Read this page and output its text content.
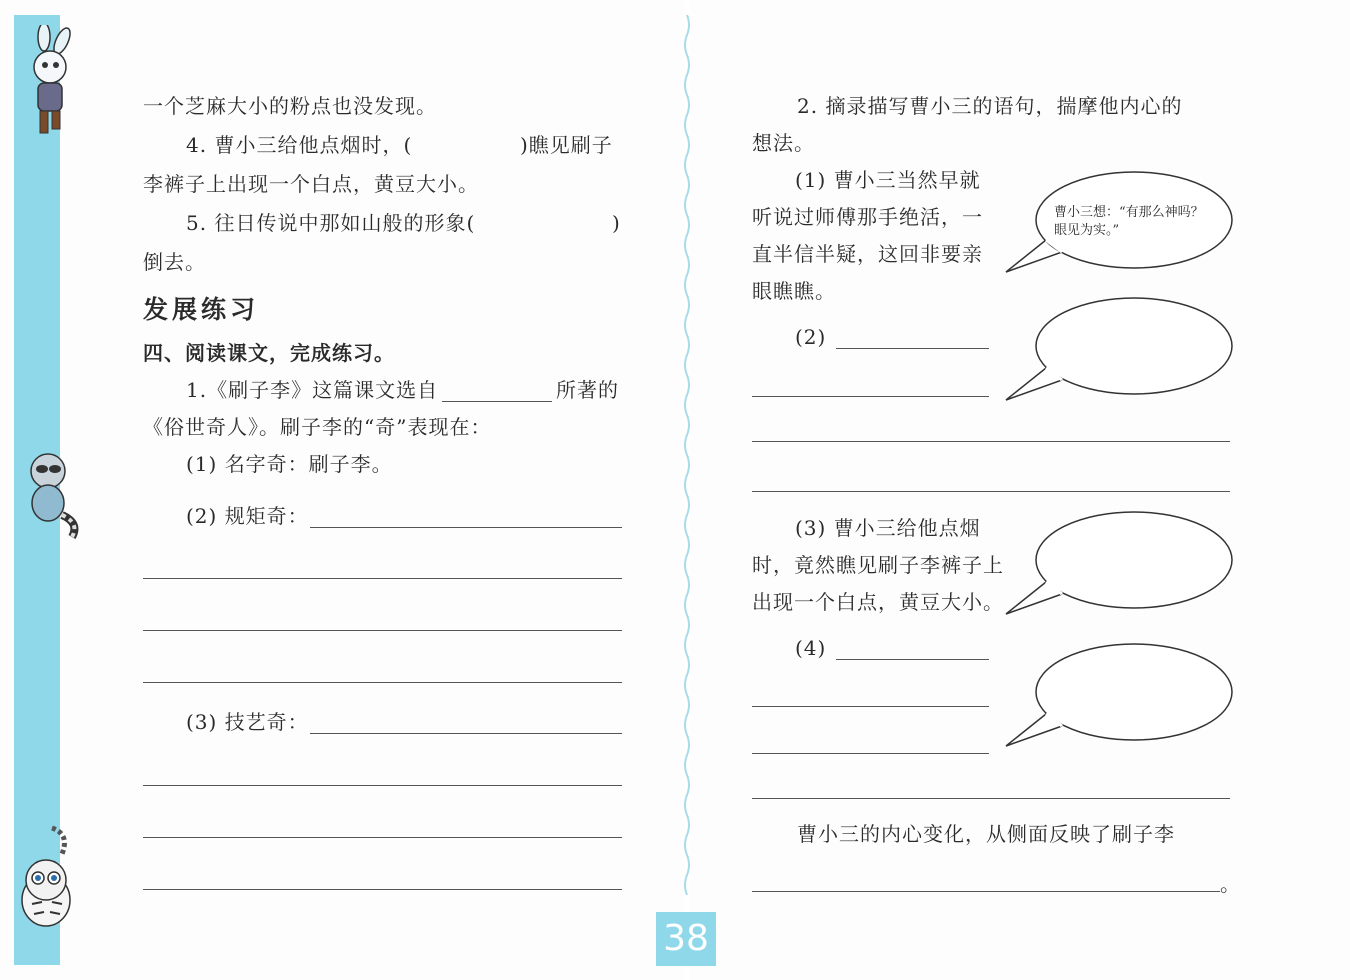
一个芝麻大小的粉点也没发现。
4. 曹小三给他点烟时，(	)瞧见刷子
李裤子上出现一个白点，黄豆大小。
5. 往日传说中那如山般的形象(	)
倒去。
发展练习
四、阅读课文，完成练习。
1.《刷子李》这篇课文选自	所著的
《俗世奇人》。刷子李的“奇”表现在：
(1) 名字奇：刷子李。
(2) 规矩奇：
(3) 技艺奇：
2. 摘录描写曹小三的语句，揣摩他内心的
想法。
(1) 曹小三当然早就
听说过师傅那手绝活，一
直半信半疑，这回非要亲
眼瞧瞧。
曹小三想：“有那么神吗？
眼见为实。”
(2)
(3) 曹小三给他点烟
时，竟然瞧见刷子李裤子上
出现一个白点，黄豆大小。
(4)
曹小三的内心变化，从侧面反映了刷子李
。
38
